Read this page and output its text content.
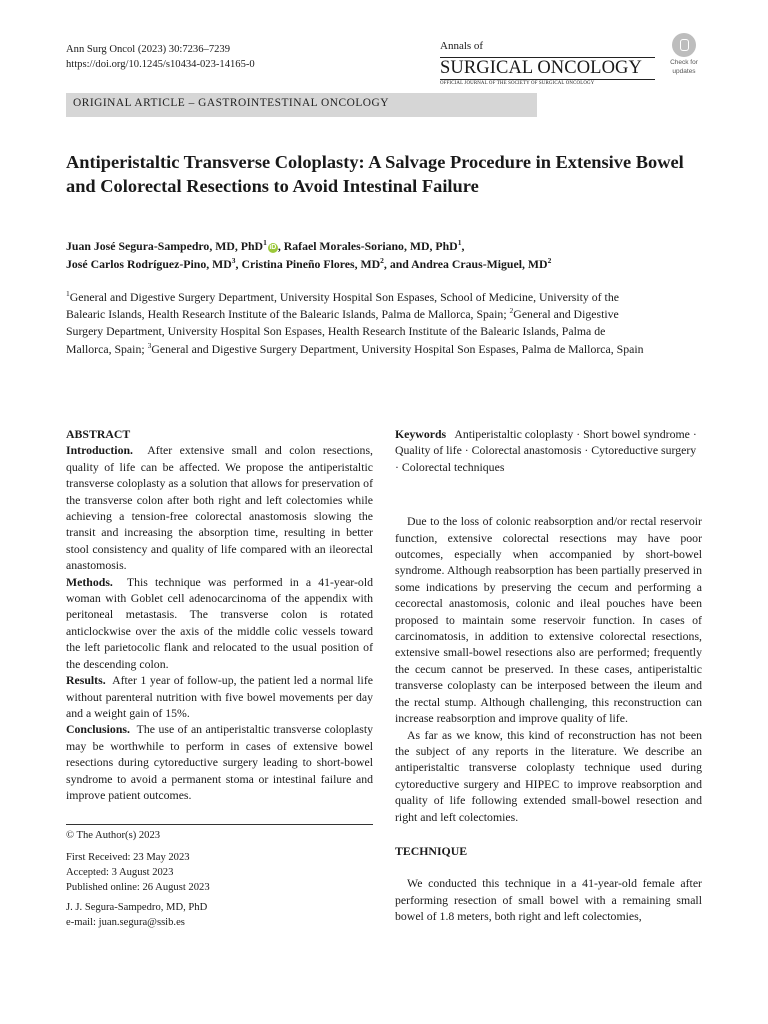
Ann Surg Oncol (2023) 30:7236–7239
https://doi.org/10.1245/s10434-023-14165-0
Annals of
SURGICAL ONCOLOGY
OFFICIAL JOURNAL OF THE SOCIETY OF SURGICAL ONCOLOGY
Check for
updates
ORIGINAL ARTICLE – GASTROINTESTINAL ONCOLOGY
Antiperistaltic Transverse Coloplasty: A Salvage Procedure in Extensive Bowel and Colorectal Resections to Avoid Intestinal Failure
Juan José Segura-Sampedro, MD, PhD$^1$iD , Rafael Morales-Soriano, MD, PhD$^1$,
José Carlos Rodríguez-Pino, $MD^3$, Cristina Pineño Flores, $MD^2$, and Andrea Craus-Miguel, $MD^2$
$^1$General and Digestive Surgery Department, University Hospital Son Espases, School of Medicine, University of the Balearic Islands, Health Research Institute of the Balearic Islands, Palma de Mallorca, Spain; $^2$General and Digestive Surgery Department, University Hospital Son Espases, Health Research Institute of the Balearic Islands, Palma de Mallorca, Spain; $^3$General and Digestive Surgery Department, University Hospital Son Espases, Palma de Mallorca, Spain
ABSTRACT

Introduction. After extensive small and colon resections, quality of life can be affected. We propose the antiperistaltic transverse coloplasty as a solution that allows for preservation of the transverse colon after both right and left colectomies while achieving a tension-free colorectal anastomosis slowing the transit and increasing the absorption time, resulting in better stool consistency and quality of life compared with an ileorectal anastomosis.

Methods. This technique was performed in a 41-year-old woman with Goblet cell adenocarcinoma of the appendix with peritoneal metastasis. The transverse colon is rotated anticlockwise over the axis of the middle colic vessels toward the left parietocolic flank and relocated to the usual position of the descending colon.

Results. After 1 year of follow-up, the patient led a normal life without parenteral nutrition with five bowel movements per day and a weight gain of 15%.

Conclusions. The use of an antiperistaltic transverse coloplasty may be worthwhile to perform in cases of extensive bowel resections during cytoreductive surgery leading to short-bowel syndrome to avoid a permanent stoma or intestinal failure and improve patient outcomes.

© The Author(s) 2023
First Received: 23 May 2023
Accepted: 3 August 2023
Published online: 26 August 2023
J. J. Segura-Sampedro, MD, PhD
e-mail: juan.segura@ssib.es

Keywords Antiperistaltic coloplasty · Short bowel syndrome · Quality of life · Colorectal anastomosis · Cytoreductive surgery · Colorectal techniques

Due to the loss of colonic reabsorption and/or rectal reservoir function, extensive colorectal resections may have poor outcomes, especially when accompanied by short-bowel syndrome. Although reabsorption has been partially preserved in some indications by preserving the cecum and performing a cecorectal anastomosis, colonic and ileal pouches have been proposed to maintain some reservoir function. In cases of carcinomatosis, in addition to extensive colorectal resections, extensive small-bowel resections also are performed; frequently the cecum cannot be preserved. In these cases, antiperistaltic transverse coloplasty can be interposed between the ileum and the rectal stump. Although challenging, this reconstruction can increase reabsorption and improve quality of life.

As far as we know, this kind of reconstruction has not been the subject of any reports in the literature. We describe an antiperistaltic transverse coloplasty technique used during cytoreductive surgery and HIPEC to improve reabsorption and quality of life following extended small-bowel resection and right and left colectomies.

TECHNIQUE

We conducted this technique in a 41-year-old female after performing resection of small bowel with a remaining small bowel of 1.8 meters, both right and left colectomies,
